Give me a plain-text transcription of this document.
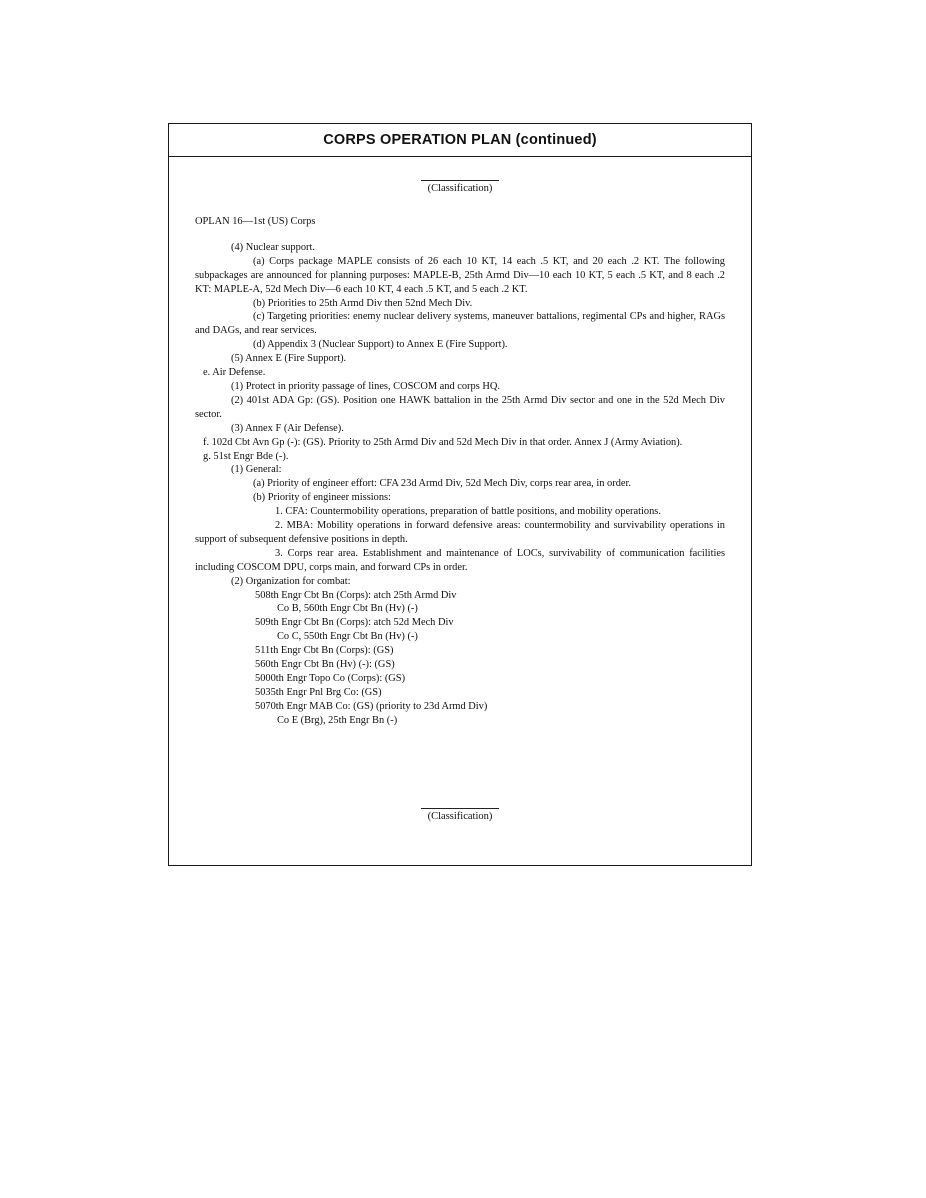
CORPS OPERATION PLAN (continued)
(Classification)

OPLAN 16—1st (US) Corps

(4) Nuclear support.

(a) Corps package MAPLE consists of 26 each 10 KT, 14 each .5 KT, and 20 each .2 KT. The following subpackages are announced for planning purposes: MAPLE-B, 25th Armd Div—10 each 10 KT, 5 each .5 KT, and 8 each .2 KT: MAPLE-A, 52d Mech Div—6 each 10 KT, 4 each .5 KT, and 5 each .2 KT.

(b) Priorities to 25th Armd Div then 52nd Mech Div.

(c) Targeting priorities: enemy nuclear delivery systems, maneuver battalions, regimental CPs and higher, RAGs and DAGs, and rear services.

(d) Appendix 3 (Nuclear Support) to Annex E (Fire Support).

(5) Annex E (Fire Support).

e. Air Defense.

(1) Protect in priority passage of lines, COSCOM and corps HQ.

(2) 401st ADA Gp: (GS). Position one HAWK battalion in the 25th Armd Div sector and one in the 52d Mech Div sector.

(3) Annex F (Air Defense).

f. 102d Cbt Avn Gp (-): (GS). Priority to 25th Armd Div and 52d Mech Div in that order. Annex J (Army Aviation).

g. 51st Engr Bde (-).

(1) General:

(a) Priority of engineer effort: CFA 23d Armd Div, 52d Mech Div, corps rear area, in order.

(b) Priority of engineer missions:

1. CFA: Countermobility operations, preparation of battle positions, and mobility operations.

2. MBA: Mobility operations in forward defensive areas: countermobility and survivability operations in support of subsequent defensive positions in depth.

3. Corps rear area. Establishment and maintenance of LOCs, survivability of communication facilities including COSCOM DPU, corps main, and forward CPs in order.

(2) Organization for combat:

508th Engr Cbt Bn (Corps): atch 25th Armd Div

Co B, 560th Engr Cbt Bn (Hv) (-)

509th Engr Cbt Bn (Corps): atch 52d Mech Div

Co C, 550th Engr Cbt Bn (Hv) (-)

511th Engr Cbt Bn (Corps): (GS)

560th Engr Cbt Bn (Hv) (-): (GS)

5000th Engr Topo Co (Corps): (GS)

5035th Engr Pnl Brg Co: (GS)

5070th Engr MAB Co: (GS) (priority to 23d Armd Div)

Co E (Brg), 25th Engr Bn (-)

(Classification)
